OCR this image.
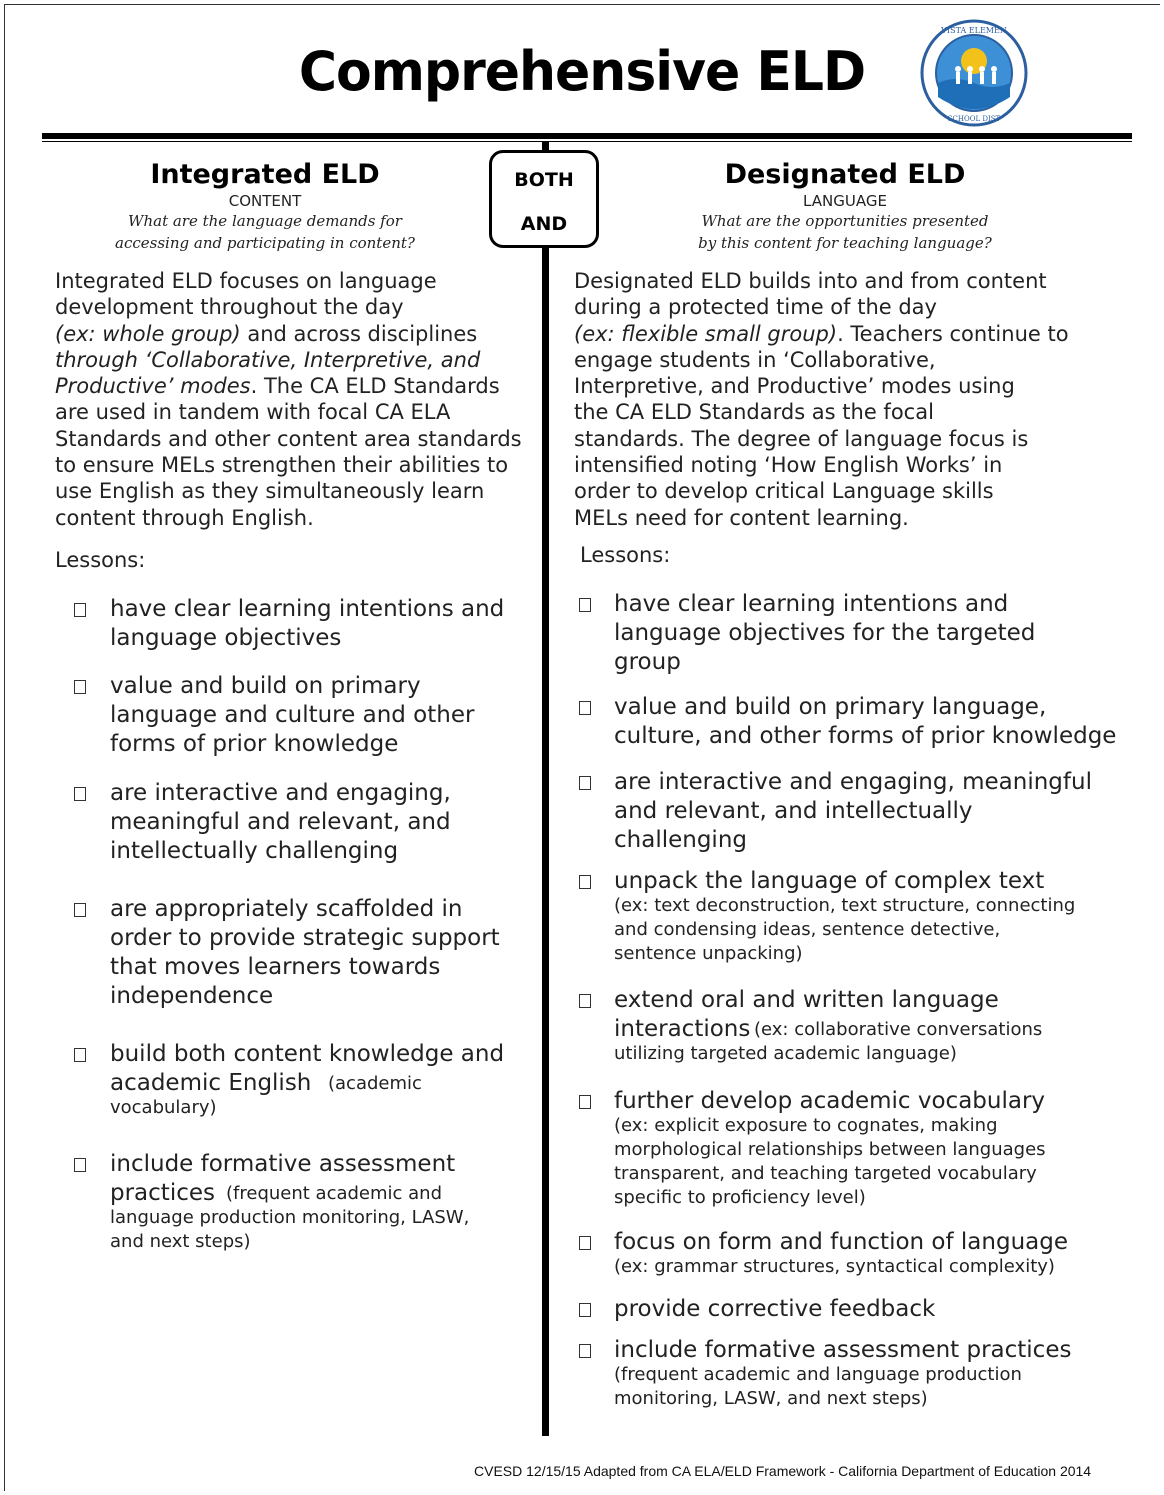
Comprehensive ELD
VISTA ELEMEN
SCHOOL DIST
BOTH
AND
Integrated ELD
CONTENT
What are the language demands for
accessing and participating in content?
Designated ELD
LANGUAGE
What are the opportunities presented
by this content for teaching language?
Integrated ELD focuses on language
development throughout the day
(ex: whole group) and across disciplines
through ‘Collaborative, Interpretive, and
Productive’ modes. The CA ELD Standards
are used in tandem with focal CA ELA
Standards and other content area standards
to ensure MELs strengthen their abilities to
use English as they simultaneously learn
content through English.
Designated ELD builds into and from content
during a protected time of the day
(ex: flexible small group). Teachers continue to
engage students in ‘Collaborative,
Interpretive, and Productive’ modes using
the CA ELD Standards as the focal
standards. The degree of language focus is
intensified noting ‘How English Works’ in
order to develop critical Language skills
MELs need for content learning.
Lessons:	Lessons:
have clear learning intentions and
language objectives
value and build on primary
language and culture and other
forms of prior knowledge
are interactive and engaging,
meaningful and relevant, and
intellectually challenging
are appropriately scaffolded in
order to provide strategic support
that moves learners towards
independence
build both content knowledge and
academic English (academic
vocabulary)
include formative assessment
practices (frequent academic and
language production monitoring, LASW,
and next steps)
have clear learning intentions and
language objectives for the targeted
group
value and build on primary language,
culture, and other forms of prior knowledge
are interactive and engaging, meaningful
and relevant, and intellectually
challenging
unpack the language of complex text
(ex: text deconstruction, text structure, connecting
and condensing ideas, sentence detective,
sentence unpacking)
extend oral and written language
interactions (ex: collaborative conversations
utilizing targeted academic language)
further develop academic vocabulary
(ex: explicit exposure to cognates, making
morphological relationships between languages
transparent, and teaching targeted vocabulary
specific to proficiency level)
focus on form and function of language
(ex: grammar structures, syntactical complexity)
provide corrective feedback
include formative assessment practices
(frequent academic and language production
monitoring, LASW, and next steps)
CVESD 12/15/15 Adapted from CA ELA/ELD Framework - California Department of Education 2014
